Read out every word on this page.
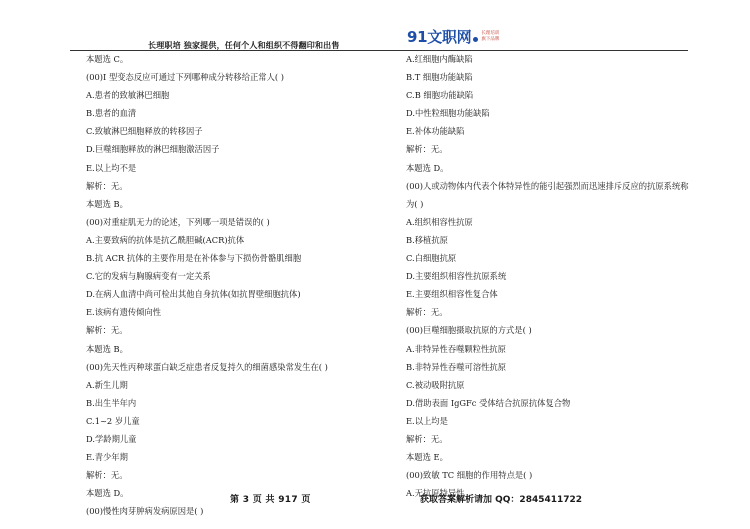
长理职培 独家提供，任何个人和组织不得翻印和出售	91文职网 长理培训
旗下品牌
本题选 C。
(00)I 型变态反应可通过下列哪种成分转移给正常人( )
A.患者的致敏淋巴细胞
B.患者的血清
C.致敏淋巴细胞释放的转移因子
D.巨噬细胞释放的淋巴细胞激活因子
E.以上均不是
解析：无。
本题选 B。
(00)对重症肌无力的论述，下列哪一项是错误的( )
A.主要致病的抗体是抗乙酰胆碱(ACR)抗体
B.抗 ACR 抗体的主要作用是在补体参与下损伤骨骼肌细胞
C.它的发病与胸腺病变有一定关系
D.在病人血清中尚可检出其他自身抗体(如抗胃壁细胞抗体)
E.该病有遗传倾向性
解析：无。
本题选 B。
(00)先天性丙种球蛋白缺乏症患者反复持久的细菌感染常发生在( )
A.新生儿期
B.出生半年内
C.1~2 岁儿童
D.学龄期儿童
E.青少年期
解析：无。
本题选 D。
(00)慢性肉芽肿病发病原因是( )
A.红细胞内酶缺陷
B.T 细胞功能缺陷
C.B 细胞功能缺陷
D.中性粒细胞功能缺陷
E.补体功能缺陷
解析：无。
本题选 D。
(00)人或动物体内代表个体特异性的能引起强烈而迅速排斥反应的抗原系统称
为( )
A.组织相容性抗原
B.移植抗原
C.白细胞抗原
D.主要组织相容性抗原系统
E.主要组织相容性复合体
解析：无。
(00)巨噬细胞摄取抗原的方式是( )
A.非特异性吞噬颗粒性抗原
B.非特异性吞噬可溶性抗原
C.被动吸附抗原
D.借助表面 IgGFc 受体结合抗原抗体复合物
E.以上均是
解析：无。
本题选 E。
(00)致敏 TC 细胞的作用特点是( )
A.无抗原特异性
第 3 页 共 917 页	获取答案解析请加 QQ：2845411722
